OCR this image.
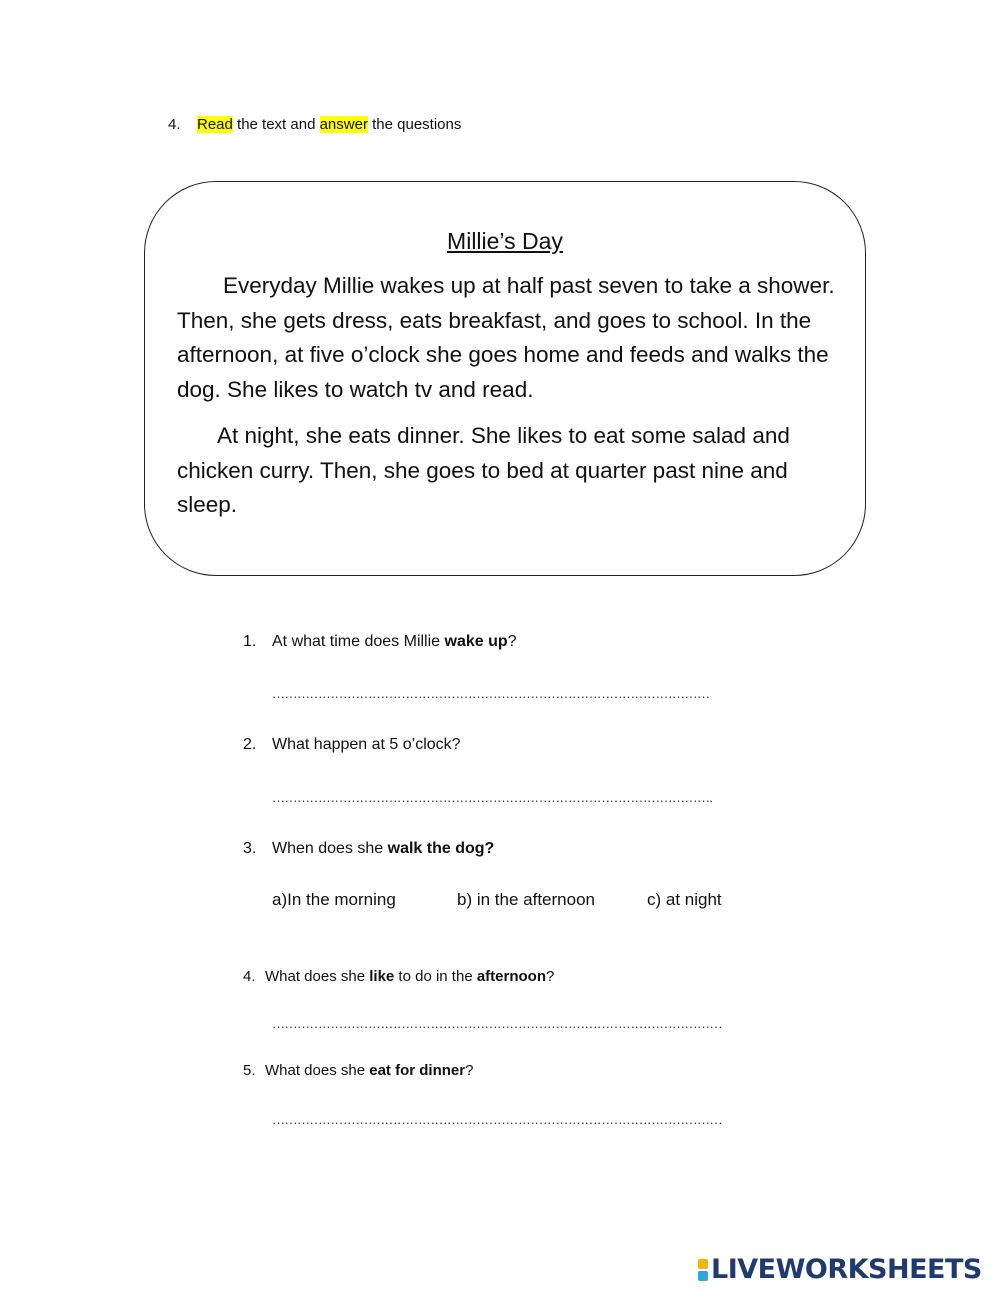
4. Read the text and answer the questions
Millie’s Day

Everyday Millie wakes up at half past seven to take a shower. Then, she gets dress, eats breakfast, and goes to school. In the afternoon, at five o’clock she goes home and feeds and walks the dog. She likes to watch tv and read.

At night, she eats dinner. She likes to eat some salad and chicken curry. Then, she goes to bed at quarter past nine and sleep.

1. At what time does Millie wake up?
……………………………………………………………………………………………
2. What happen at 5 o’clock?
…………………………………………………………………………………………….
3. When does she walk the dog?
a)In the morning	b) in the afternoon	c) at night
4. What does she like to do in the afternoon?
………………………………………………………………………………………………
5. What does she eat for dinner?
………………………………………………………………………………………………
LIVEWORKSHEETS
